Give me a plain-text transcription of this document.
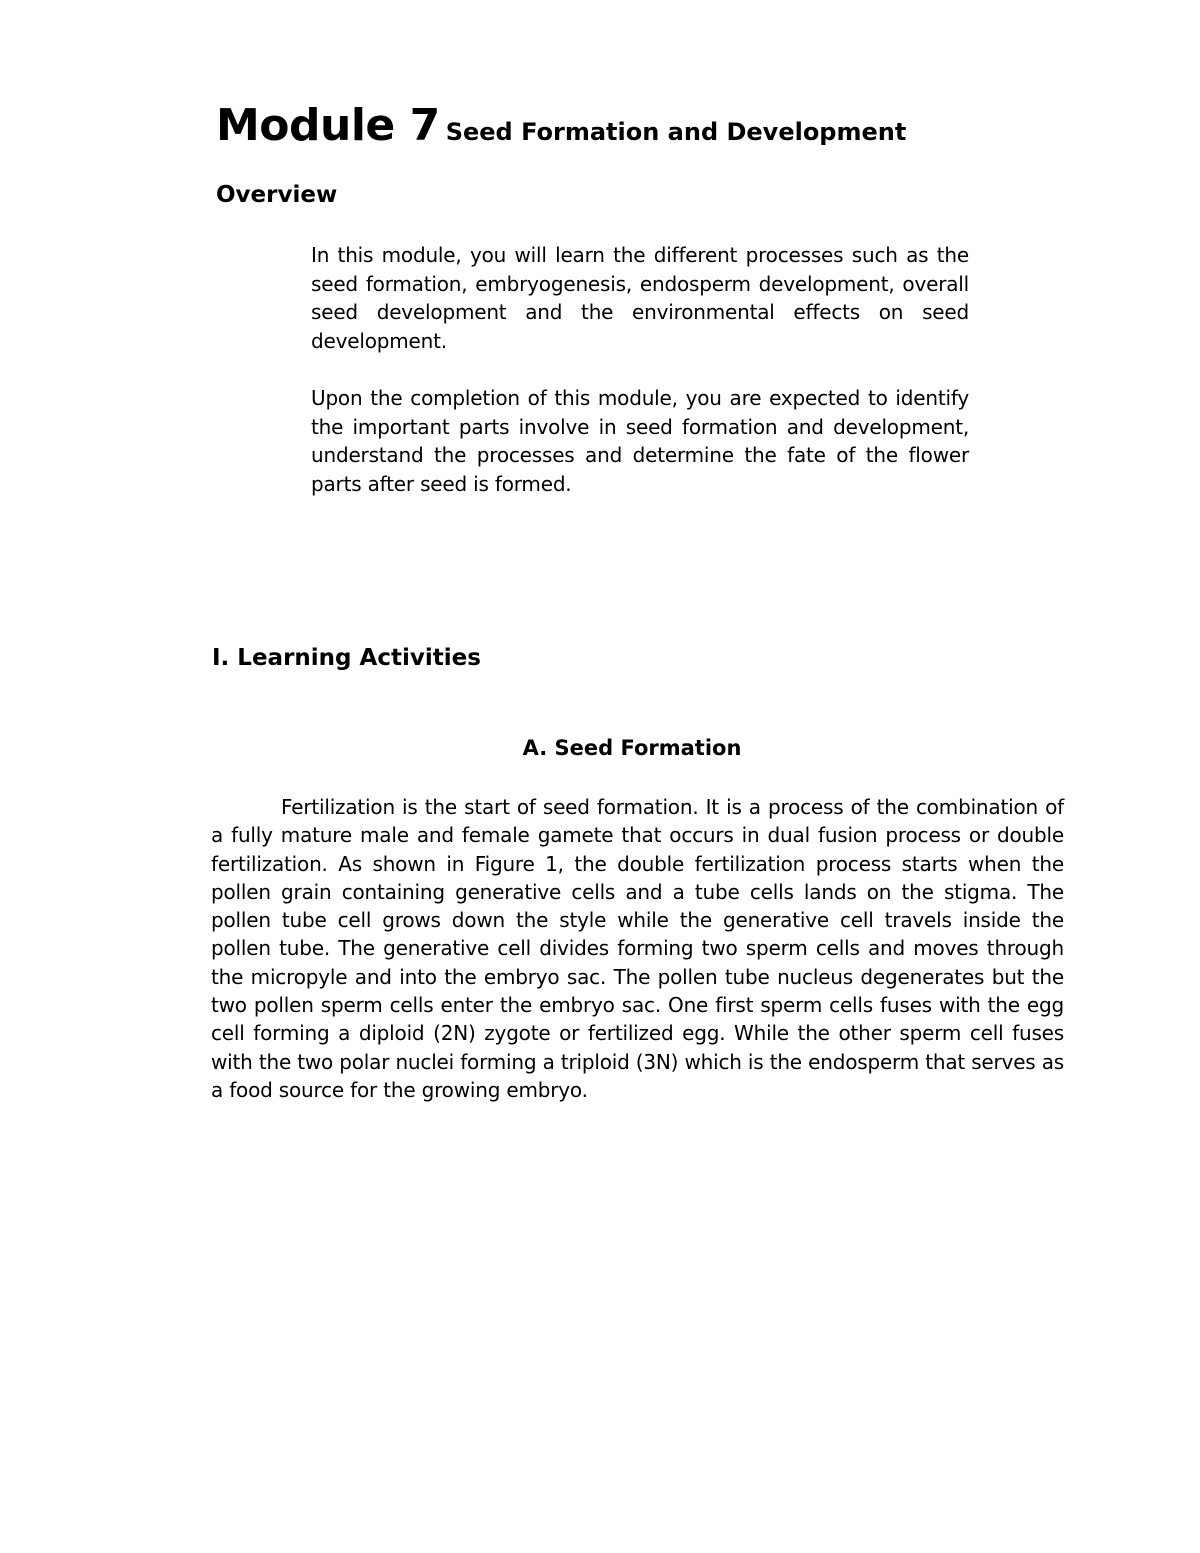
Module 7 Seed Formation and Development
Overview

In this module, you will learn the different processes such as the seed formation, embryogenesis, endosperm development, overall seed development and the environmental effects on seed development.

Upon the completion of this module, you are expected to identify the important parts involve in seed formation and development, understand the processes and determine the fate of the flower parts after seed is formed.

I. Learning Activities
A. Seed Formation

Fertilization is the start of seed formation. It is a process of the combination of a fully mature male and female gamete that occurs in dual fusion process or double fertilization. As shown in Figure 1, the double fertilization process starts when the pollen grain containing generative cells and a tube cells lands on the stigma. The pollen tube cell grows down the style while the generative cell travels inside the pollen tube. The generative cell divides forming two sperm cells and moves through the micropyle and into the embryo sac. The pollen tube nucleus degenerates but the two pollen sperm cells enter the embryo sac. One first sperm cells fuses with the egg cell forming a diploid (2N) zygote or fertilized egg. While the other sperm cell fuses with the two polar nuclei forming a triploid (3N) which is the endosperm that serves as a food source for the growing embryo.
